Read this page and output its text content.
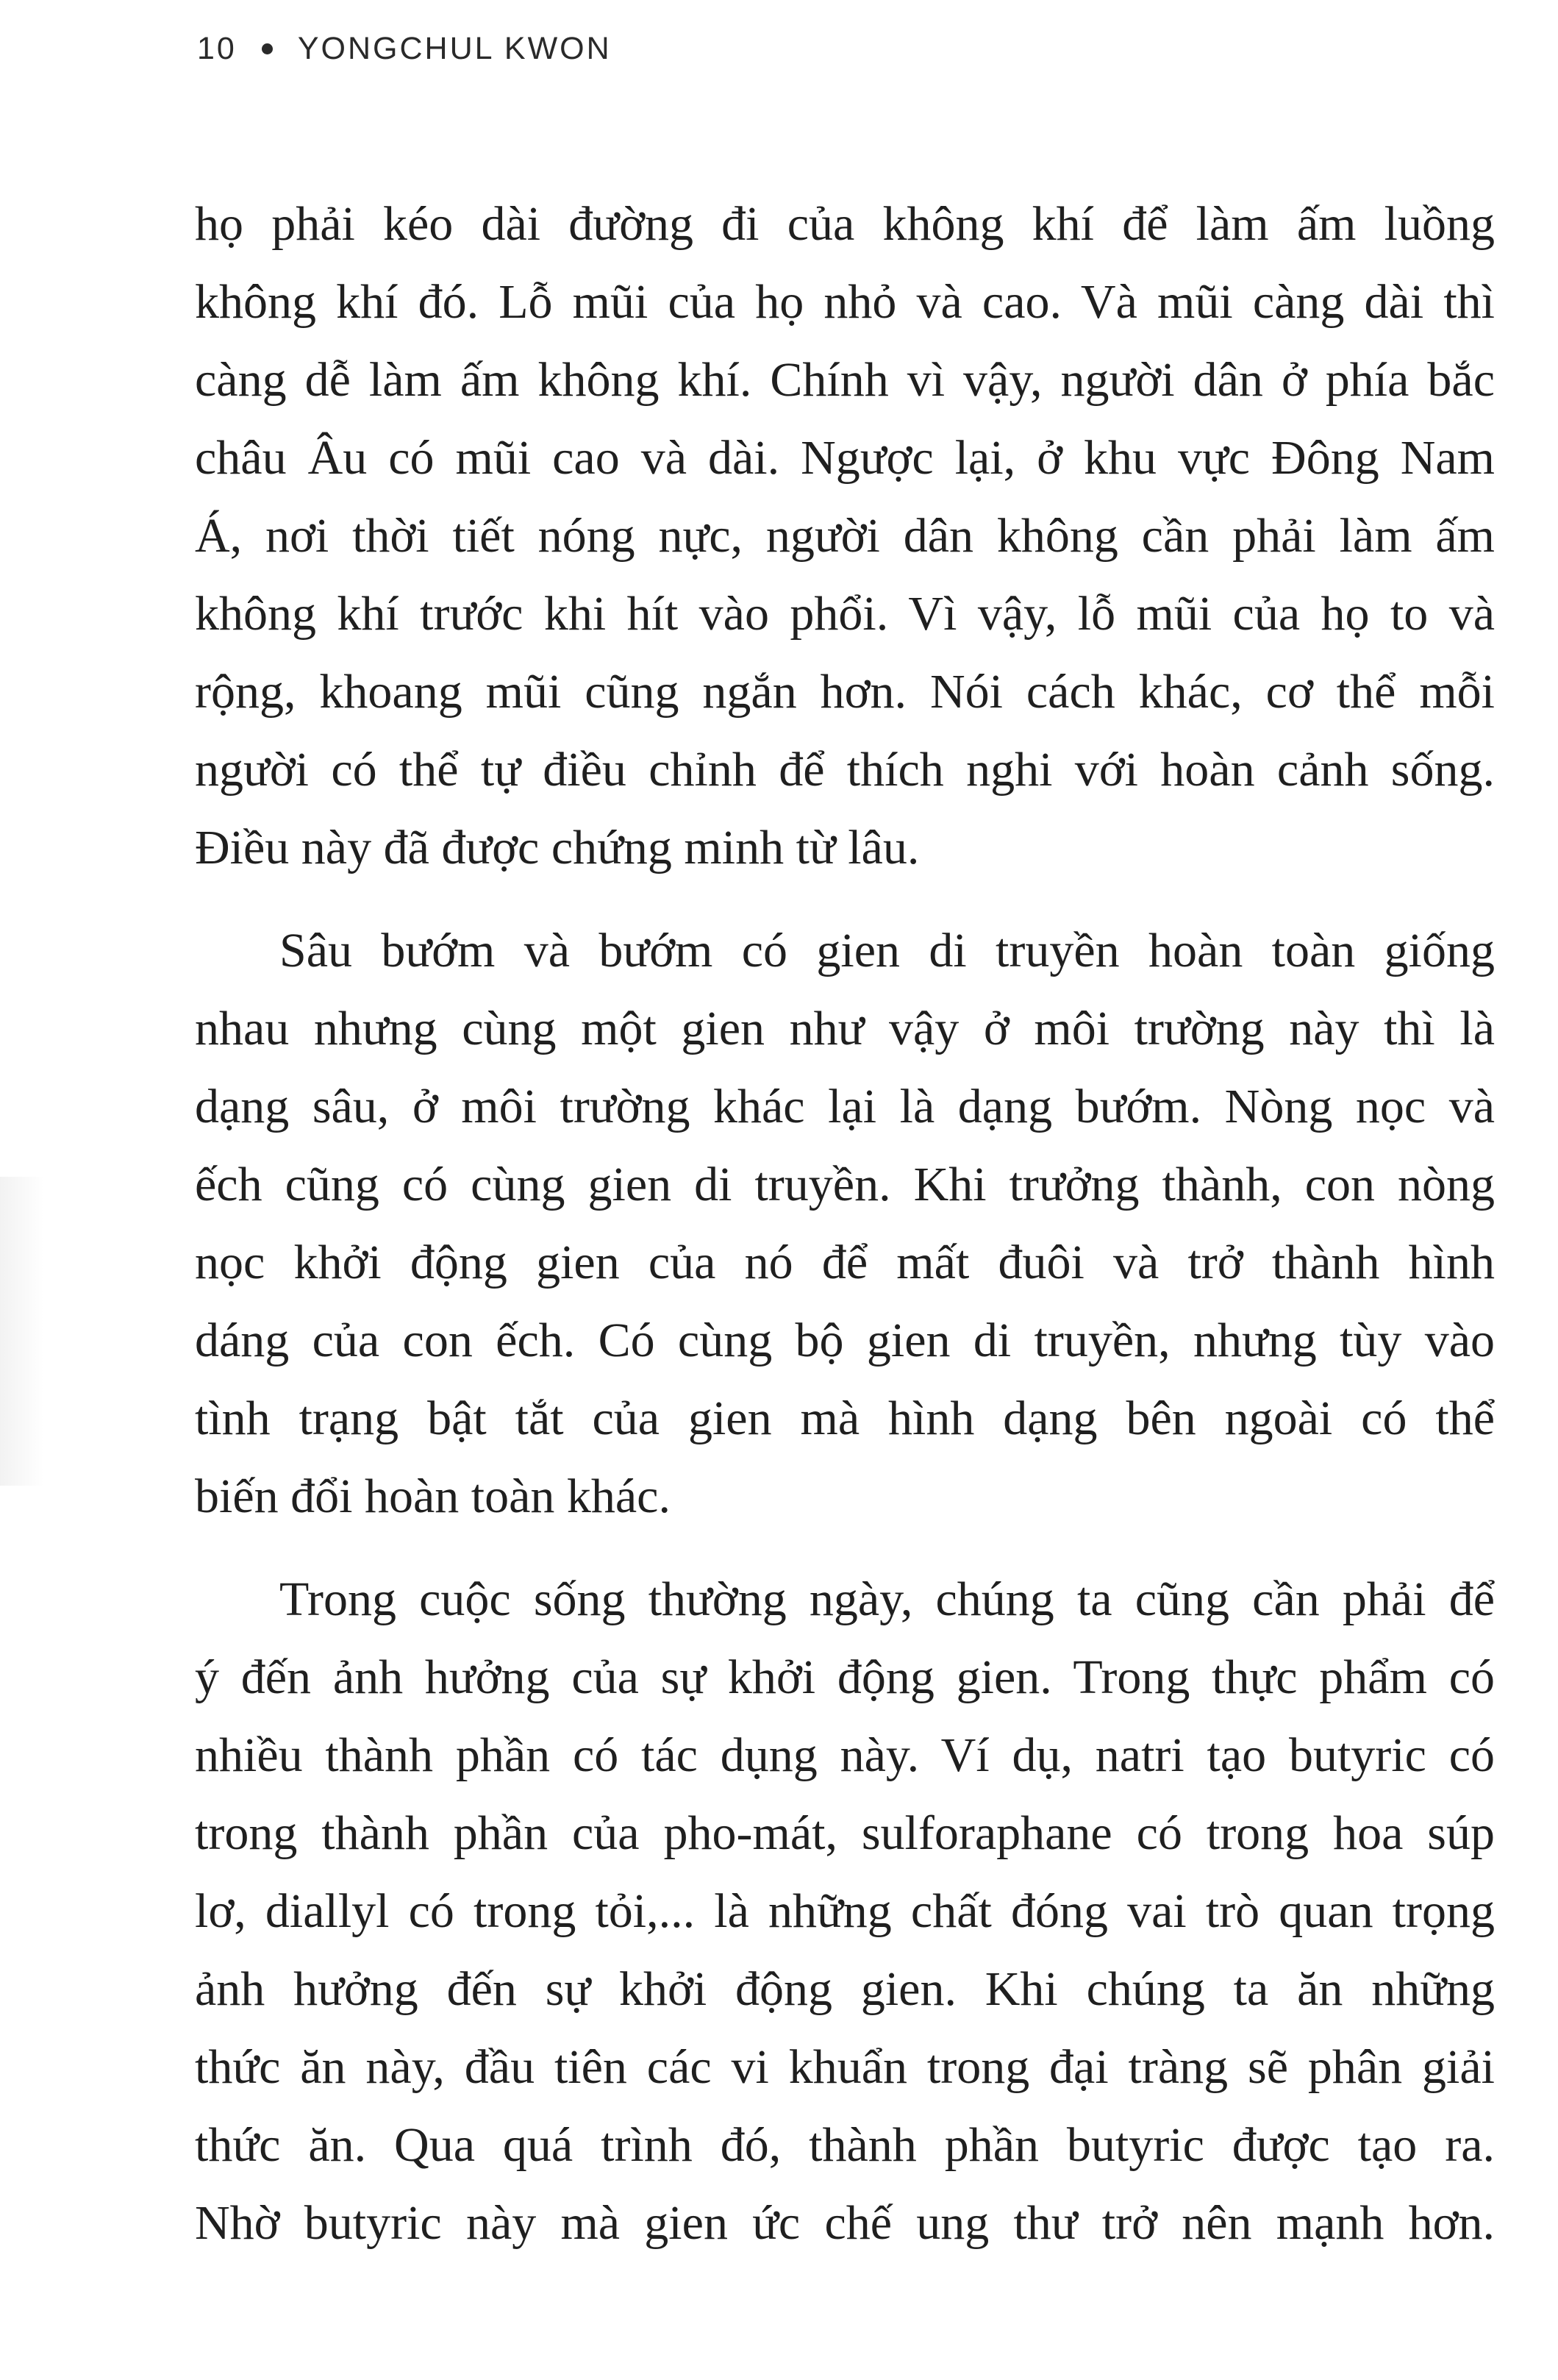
10 YONGCHUL KWON
họ phải kéo dài đường đi của không khí để làm ấm luồng
không khí đó. Lỗ mũi của họ nhỏ và cao. Và mũi càng dài thì
càng dễ làm ấm không khí. Chính vì vậy, người dân ở phía bắc
châu Âu có mũi cao và dài. Ngược lại, ở khu vực Đông Nam
Á, nơi thời tiết nóng nực, người dân không cần phải làm ấm
không khí trước khi hít vào phổi. Vì vậy, lỗ mũi của họ to và
rộng, khoang mũi cũng ngắn hơn. Nói cách khác, cơ thể mỗi
người có thể tự điều chỉnh để thích nghi với hoàn cảnh sống.
Điều này đã được chứng minh từ lâu.
Sâu bướm và bướm có gien di truyền hoàn toàn giống
nhau nhưng cùng một gien như vậy ở môi trường này thì là
dạng sâu, ở môi trường khác lại là dạng bướm. Nòng nọc và
ếch cũng có cùng gien di truyền. Khi trưởng thành, con nòng
nọc khởi động gien của nó để mất đuôi và trở thành hình
dáng của con ếch. Có cùng bộ gien di truyền, nhưng tùy vào
tình trạng bật tắt của gien mà hình dạng bên ngoài có thể
biến đổi hoàn toàn khác.
Trong cuộc sống thường ngày, chúng ta cũng cần phải để
ý đến ảnh hưởng của sự khởi động gien. Trong thực phẩm có
nhiều thành phần có tác dụng này. Ví dụ, natri tạo butyric có
trong thành phần của pho-mát, sulforaphane có trong hoa súp
lơ, diallyl có trong tỏi,... là những chất đóng vai trò quan trọng
ảnh hưởng đến sự khởi động gien. Khi chúng ta ăn những
thức ăn này, đầu tiên các vi khuẩn trong đại tràng sẽ phân giải
thức ăn. Qua quá trình đó, thành phần butyric được tạo ra.
Nhờ butyric này mà gien ức chế ung thư trở nên mạnh hơn.
